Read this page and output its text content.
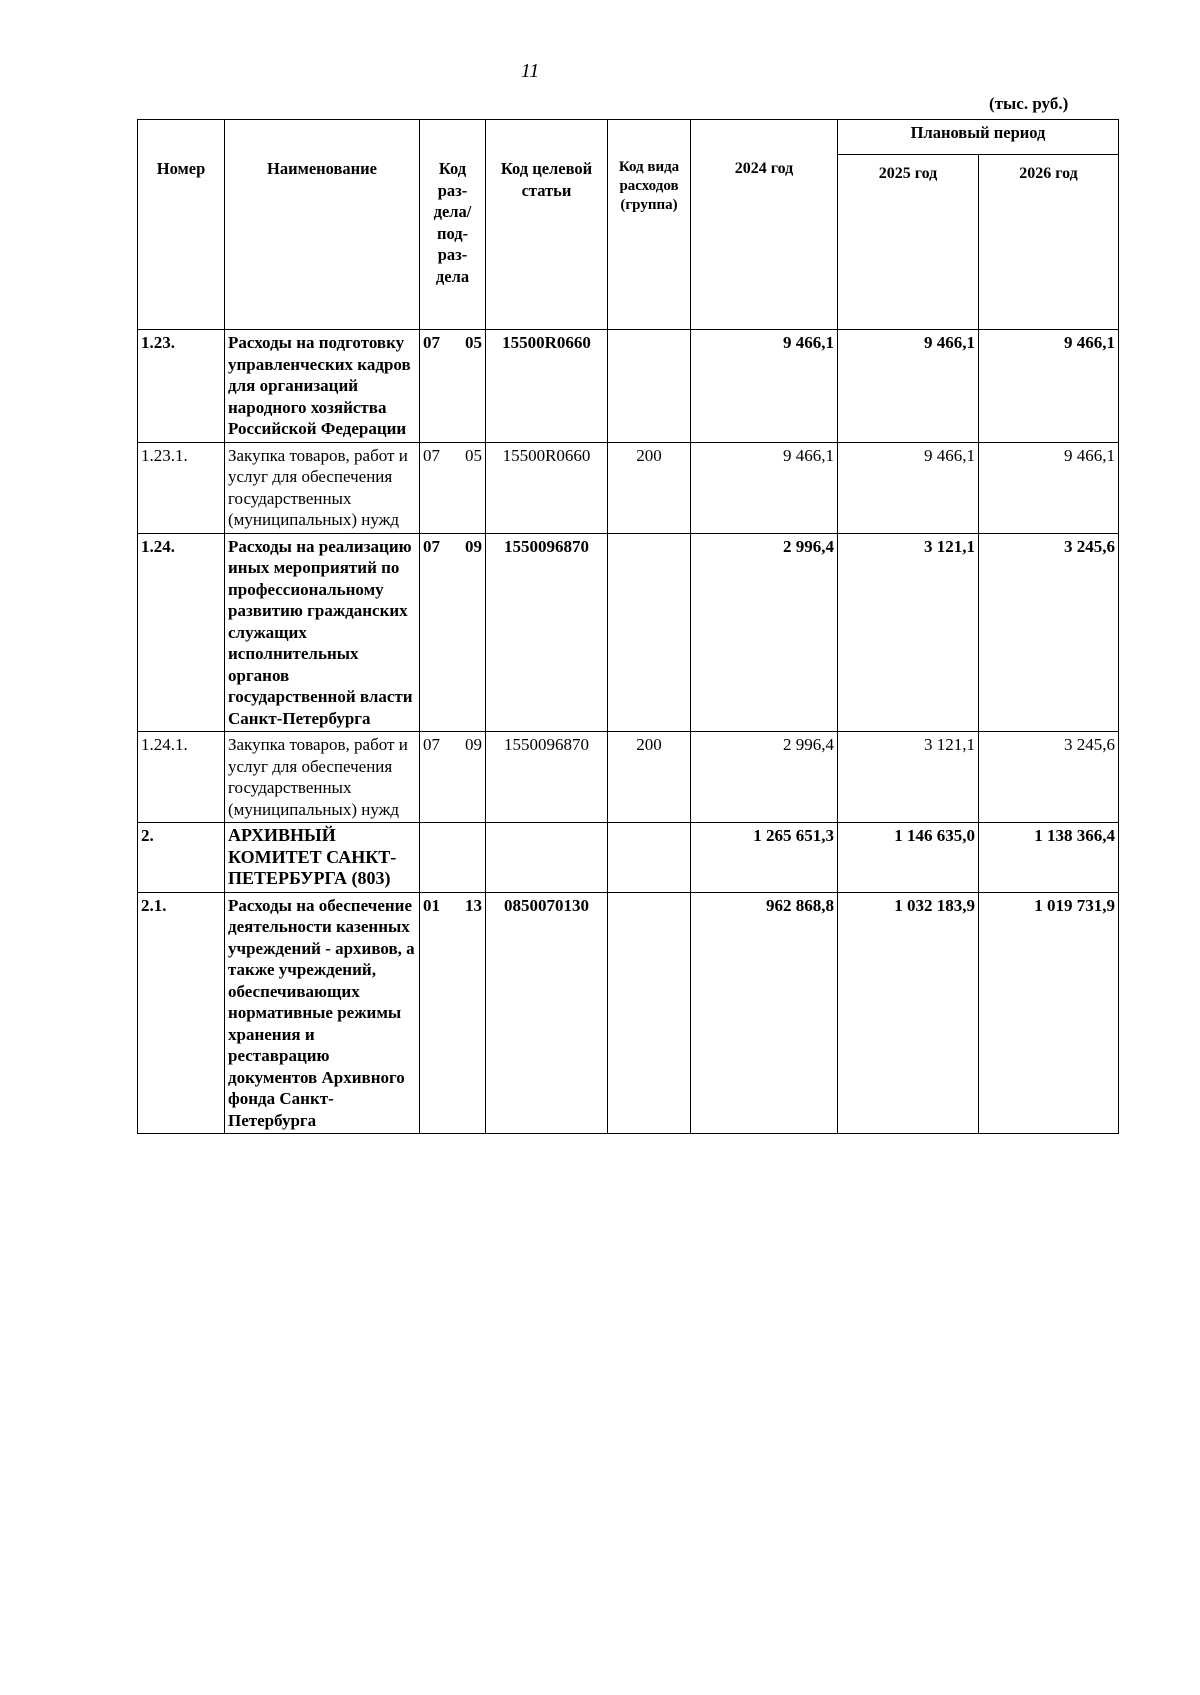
11
(тыс. руб.)
Номер	Наименование	Код раз-дела/ под-раз-дела	Код целевой статьи	Код вида расходов (группа)	2024 год	Плановый период	
						2025 год	2026 год
1.23.	Расходы на подготовку управленческих кадров для организаций народного хозяйства Российской Федерации	07 05	15500R0660		9 466,1	9 466,1	9 466,1
1.23.1.	Закупка товаров, работ и услуг для обеспечения государственных (муниципальных) нужд	07 05	15500R0660	200	9 466,1	9 466,1	9 466,1
1.24.	Расходы на реализацию иных мероприятий по профессиональному развитию гражданских служащих исполнительных органов государственной власти Санкт-Петербурга	07 09	1550096870		2 996,4	3 121,1	3 245,6
1.24.1.	Закупка товаров, работ и услуг для обеспечения государственных (муниципальных) нужд	07 09	1550096870	200	2 996,4	3 121,1	3 245,6
2.	АРХИВНЫЙ КОМИТЕТ САНКТ-ПЕТЕРБУРГА (803)				1 265 651,3	1 146 635,0	1 138 366,4
2.1.	Расходы на обеспечение деятельности казенных учреждений - архивов, а также учреждений, обеспечивающих нормативные режимы хранения и реставрацию документов Архивного фонда Санкт-Петербурга	01 13	0850070130		962 868,8	1 032 183,9	1 019 731,9
